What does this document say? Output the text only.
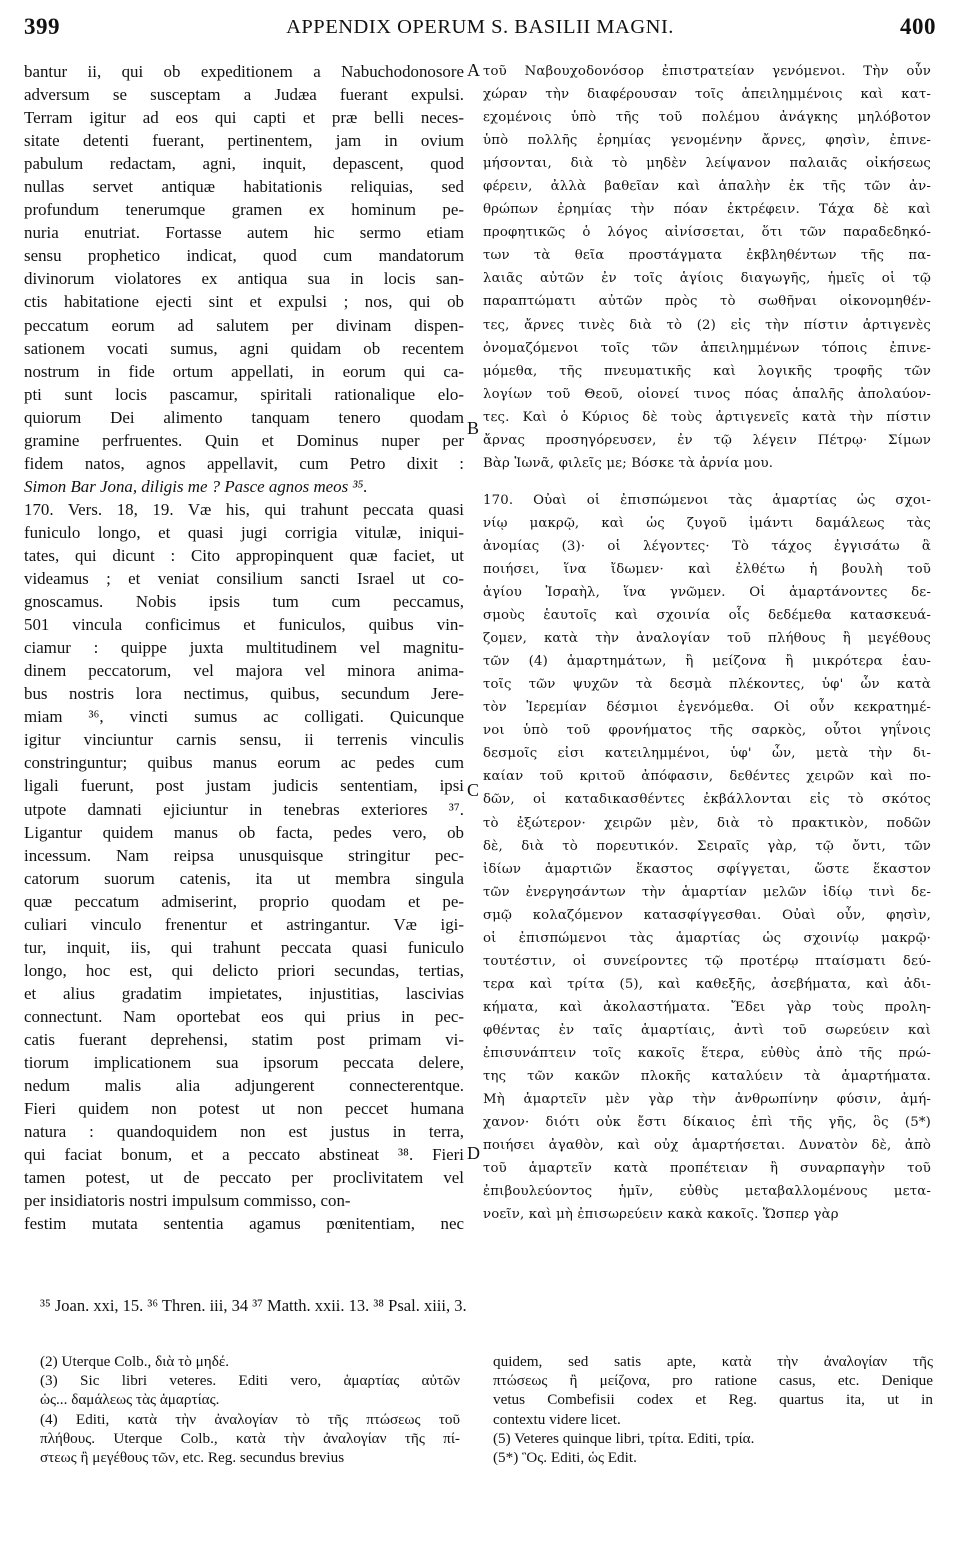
399	APPENDIX OPERUM S. BASILII MAGNI.	400
bantur ii, qui ob expeditionem a Nabuchodonosore
adversum se susceptam a Judæa fuerant expulsi.
Terram igitur ad eos qui capti et præ belli neces-
sitate detenti fuerant, pertinentem, jam in ovium
pabulum redactam, agni, inquit, depascent, quod
nullas servet antiquæ habitationis reliquias, sed
profundum tenerumque gramen ex hominum pe-
nuria enutriat. Fortasse autem hic sermo etiam
sensu prophetico indicat, quod cum mandatorum
divinorum violatores ex antiqua sua in locis san-
ctis habitatione ejecti sint et expulsi ; nos, qui ob
peccatum eorum ad salutem per divinam dispen-
sationem vocati sumus, agni quidam ob recentem
nostrum in fide ortum appellati, in eorum qui ca-
pti sunt locis pascamur, spiritali rationalique elo-
quiorum Dei alimento tanquam tenero quodam
gramine perfruentes. Quin et Dominus nuper per
fidem natos, agnos appellavit, cum Petro dixit :
Simon Bar Jona, diligis me ? Pasce agnos meos ³⁵.
170. Vers. 18, 19. Væ his, qui trahunt peccata quasi
funiculo longo, et quasi jugi corrigia vitulæ, iniqui-
tates, qui dicunt : Cito appropinquent quæ faciet, ut
videamus ; et veniat consilium sancti Israel ut co-
gnoscamus. Nobis ipsis tum cum peccamus,
501 vincula conficimus et funiculos, quibus vin-
ciamur : quippe juxta multitudinem vel magnitu-
dinem peccatorum, vel majora vel minora anima-
bus nostris lora nectimus, quibus, secundum Jere-
miam ³⁶, vincti sumus ac colligati. Quicunque
igitur vinciuntur carnis sensu, ii terrenis vinculis
constringuntur; quibus manus eorum ac pedes cum
ligali fuerunt, post justam judicis sententiam, ipsi
utpote damnati ejiciuntur in tenebras exteriores ³⁷.
Ligantur quidem manus ob facta, pedes vero, ob
incessum. Nam reipsa unusquisque stringitur pec-
catorum suorum catenis, ita ut membra singula
quæ peccatum admiserint, proprio quodam et pe-
culiari vinculo frenentur et astringantur. Væ igi-
tur, inquit, iis, qui trahunt peccata quasi funiculo
longo, hoc est, qui delicto priori secundas, tertias,
et alius gradatim impietates, injustitias, lascivias
connectunt. Nam oportebat eos qui prius in pec-
catis fuerant deprehensi, statim post primam vi-
tiorum implicationem sua ipsorum peccata delere,
nedum malis alia adjungerent connecterentque.
Fieri quidem non potest ut non peccet humana
natura : quandoquidem non est justus in terra,
qui faciat bonum, et a peccato abstineat ³⁸. Fieri
tamen potest, ut de peccato per proclivitatem vel
per insidiatoris nostri impulsum commisso, con-
festim mutata sententia agamus pœnitentiam, nec
τοῦ Ναβουχοδονόσορ ἐπιστρατείαν γενόμενοι. Τὴν οὖν
χώραν τὴν διαφέρουσαν τοῖς ἀπειλημμένοις καὶ κατ-
εχομένοις ὑπὸ τῆς τοῦ πολέμου ἀνάγκης μηλόβοτον
ὑπὸ πολλῆς ἐρημίας γενομένην ἄρνες, φησὶν, ἐπινε-
μήσονται, διὰ τὸ μηδὲν λείψανον παλαιᾶς οἰκήσεως
φέρειν, ἀλλὰ βαθεῖαν καὶ ἁπαλὴν ἐκ τῆς τῶν ἀν-
θρώπων ἐρημίας τὴν πόαν ἐκτρέφειν. Τάχα δὲ καὶ
προφητικῶς ὁ λόγος αἰνίσσεται, ὅτι τῶν παραδεδηκό-
των τὰ θεῖα προστάγματα ἐκβληθέντων τῆς πα-
λαιᾶς αὐτῶν ἐν τοῖς ἁγίοις διαγωγῆς, ἡμεῖς οἱ τῷ
παραπτώματι αὐτῶν πρὸς τὸ σωθῆναι οἰκονομηθέν-
τες, ἄρνες τινὲς διὰ τὸ (2) εἰς τὴν πίστιν ἀρτιγενὲς
ὀνομαζόμενοι τοῖς τῶν ἀπειλημμένων τόποις ἐπινε-
μόμεθα, τῆς πνευματικῆς καὶ λογικῆς τροφῆς τῶν
λογίων τοῦ Θεοῦ, οἱονεί τινος πόας ἁπαλῆς ἀπολαύον-
τες. Καὶ ὁ Κύριος δὲ τοὺς ἀρτιγενεῖς κατὰ τὴν πίστιν
ἄρνας προσηγόρευσεν, ἐν τῷ λέγειν Πέτρῳ· Σίμων
Βὰρ Ἰωνᾶ, φιλεῖς με; Βόσκε τὰ ἀρνία μου.
170. Οὐαὶ οἱ ἐπισπώμενοι τὰς ἁμαρτίας ὡς σχοι-
νίῳ μακρῷ, καὶ ὡς ζυγοῦ ἱμάντι δαμάλεως τὰς
ἀνομίας (3)· οἱ λέγοντες· Τὸ τάχος ἐγγισάτω ἃ
ποιήσει, ἵνα ἴδωμεν· καὶ ἐλθέτω ἡ βουλὴ τοῦ
ἁγίου Ἰσραὴλ, ἵνα γνῶμεν. Οἱ ἁμαρτάνοντες δε-
σμοὺς ἑαυτοῖς καὶ σχοινία οἷς δεδέμεθα κατασκευά-
ζομεν, κατὰ τὴν ἀναλογίαν τοῦ πλήθους ἢ μεγέθους
τῶν (4) ἁμαρτημάτων, ἢ μείζονα ἢ μικρότερα ἑαυ-
τοῖς τῶν ψυχῶν τὰ δεσμὰ πλέκοντες, ὑφ' ὧν κατὰ
τὸν Ἱερεμίαν δέσμιοι ἐγενόμεθα. Οἱ οὖν κεκρατημέ-
νοι ὑπὸ τοῦ φρονήματος τῆς σαρκὸς, οὗτοι γηΐνοις
δεσμοῖς εἰσι κατειλημμένοι, ὑφ' ὧν, μετὰ τὴν δι-
καίαν τοῦ κριτοῦ ἀπόφασιν, δεθέντες χειρῶν καὶ πο-
δῶν, οἱ καταδικασθέντες ἐκβάλλονται εἰς τὸ σκότος
τὸ ἐξώτερον· χειρῶν μὲν, διὰ τὸ πρακτικὸν, ποδῶν
δὲ, διὰ τὸ πορευτικόν. Σειραῖς γὰρ, τῷ ὄντι, τῶν
ἰδίων ἁμαρτιῶν ἕκαστος σφίγγεται, ὥστε ἕκαστον
τῶν ἐνεργησάντων τὴν ἁμαρτίαν μελῶν ἰδίῳ τινὶ δε-
σμῷ κολαζόμενον κατασφίγγεσθαι. Οὐαὶ οὖν, φησὶν,
οἱ ἐπισπώμενοι τὰς ἁμαρτίας ὡς σχοινίῳ μακρῷ·
τουτέστιν, οἱ συνείροντες τῷ προτέρῳ πταίσματι δεύ-
τερα καὶ τρίτα (5), καὶ καθεξῆς, ἀσεβήματα, καὶ ἀδι-
κήματα, καὶ ἀκολαστήματα. Ἔδει γὰρ τοὺς προλη-
φθέντας ἐν ταῖς ἁμαρτίαις, ἀντὶ τοῦ σωρεύειν καὶ
ἐπισυνάπτειν τοῖς κακοῖς ἕτερα, εὐθὺς ἀπὸ τῆς πρώ-
της τῶν κακῶν πλοκῆς καταλύειν τὰ ἁμαρτήματα.
Μὴ ἁμαρτεῖν μὲν γὰρ τὴν ἀνθρωπίνην φύσιν, ἀμή-
χανον· διότι οὐκ ἔστι δίκαιος ἐπὶ τῆς γῆς, ὃς (5*)
ποιήσει ἀγαθὸν, καὶ οὐχ ἁμαρτήσεται. Δυνατὸν δὲ, ἀπὸ
τοῦ ἁμαρτεῖν κατὰ προπέτειαν ἢ συναρπαγὴν τοῦ
ἐπιβουλεύοντος ἡμῖν, εὐθὺς μεταβαλλομένους μετα-
νοεῖν, καὶ μὴ ἐπισωρεύειν κακὰ κακοῖς. Ὥσπερ γὰρ
A
B
C
D
³⁵ Joan. xxi, 15. ³⁶ Thren. iii, 34 ³⁷ Matth. xxii. 13. ³⁸ Psal. xiii, 3.
(2) Uterque Colb., διὰ τὸ μηδέ.
(3) Sic libri veteres. Editi vero, ἁμαρτίας αὐτῶν
ὡς... δαμάλεως τὰς ἁμαρτίας.
(4) Editi, κατὰ τὴν ἀναλογίαν τὸ τῆς πτώσεως τοῦ
πλήθους. Uterque Colb., κατὰ τὴν ἀναλογίαν τῆς πί-
στεως ἢ μεγέθους τῶν, etc. Reg. secundus brevius
quidem, sed satis apte, κατὰ τὴν ἀναλογίαν τῆς
πτώσεως ἢ μείζονα, pro ratione casus, etc. Denique
vetus Combefisii codex et Reg. quartus ita, ut in
contextu videre licet.
(5) Veteres quinque libri, τρίτα. Editi, τρία.
(5*) Ὃς. Editi, ὡς Edit.
